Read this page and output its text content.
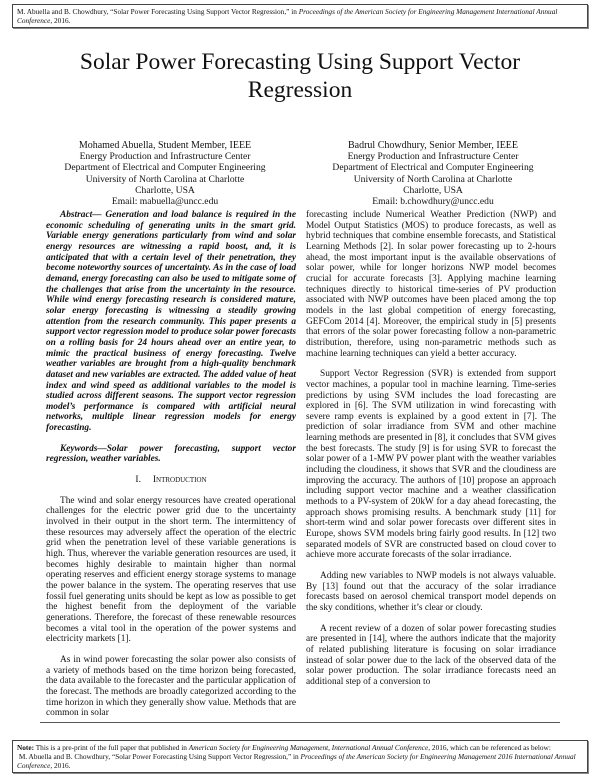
M. Abuella and B. Chowdhury, “Solar Power Forecasting Using Support Vector Regression,” in Proceedings of the American Society for Engineering Management International Annual Conference, 2016.
Solar Power Forecasting Using Support Vector Regression
Mohamed Abuella, Student Member, IEEE
Energy Production and Infrastructure Center
Department of Electrical and Computer Engineering
University of North Carolina at Charlotte
Charlotte, USA
Email: mabuella@uncc.edu
Badrul Chowdhury, Senior Member, IEEE
Energy Production and Infrastructure Center
Department of Electrical and Computer Engineering
University of North Carolina at Charlotte
Charlotte, USA
Email: b.chowdhury@uncc.edu

Abstract— Generation and load balance is required in the economic scheduling of generating units in the smart grid. Variable energy generations particularly from wind and solar energy resources are witnessing a rapid boost, and, it is anticipated that with a certain level of their penetration, they become noteworthy sources of uncertainty. As in the case of load demand, energy forecasting can also be used to mitigate some of the challenges that arise from the uncertainty in the resource. While wind energy forecasting research is considered mature, solar energy forecasting is witnessing a steadily growing attention from the research community. This paper presents a support vector regression model to produce solar power forecasts on a rolling basis for 24 hours ahead over an entire year, to mimic the practical business of energy forecasting. Twelve weather variables are brought from a high-quality benchmark dataset and new variables are extracted. The added value of heat index and wind speed as additional variables to the model is studied across different seasons. The support vector regression model’s performance is compared with artificial neural networks, multiple linear regression models for energy forecasting.

Keywords—Solar power forecasting, support vector regression, weather variables.

I. Introduction

The wind and solar energy resources have created operational challenges for the electric power grid due to the uncertainty involved in their output in the short term. The intermittency of these resources may adversely affect the operation of the electric grid when the penetration level of these variable generations is high. Thus, wherever the variable generation resources are used, it becomes highly desirable to maintain higher than normal operating reserves and efficient energy storage systems to manage the power balance in the system. The operating reserves that use fossil fuel generating units should be kept as low as possible to get the highest benefit from the deployment of the variable generations. Therefore, the forecast of these renewable resources becomes a vital tool in the operation of the power systems and electricity markets [1].

As in wind power forecasting the solar power also consists of a variety of methods based on the time horizon being forecasted, the data available to the forecaster and the particular application of the forecast. The methods are broadly categorized according to the time horizon in which they generally show value. Methods that are common in solar

forecasting include Numerical Weather Prediction (NWP) and Model Output Statistics (MOS) to produce forecasts, as well as hybrid techniques that combine ensemble forecasts, and Statistical Learning Methods [2]. In solar power forecasting up to 2-hours ahead, the most important input is the available observations of solar power, while for longer horizons NWP model becomes crucial for accurate forecasts [3]. Applying machine learning techniques directly to historical time-series of PV production associated with NWP outcomes have been placed among the top models in the last global competition of energy forecasting, GEFCom 2014 [4]. Moreover, the empirical study in [5] presents that errors of the solar power forecasting follow a non-parametric distribution, therefore, using non-parametric methods such as machine learning techniques can yield a better accuracy.

Support Vector Regression (SVR) is extended from support vector machines, a popular tool in machine learning. Time-series predictions by using SVM includes the load forecasting are explored in [6]. The SVM utilization in wind forecasting with severe ramp events is explained by a good extent in [7]. The prediction of solar irradiance from SVM and other machine learning methods are presented in [8], it concludes that SVM gives the best forecasts. The study [9] is for using SVR to forecast the solar power of a 1-MW PV power plant with the weather variables including the cloudiness, it shows that SVR and the cloudiness are improving the accuracy. The authors of [10] propose an approach including support vector machine and a weather classification methods to a PV-system of 20kW for a day ahead forecasting, the approach shows promising results. A benchmark study [11] for short-term wind and solar power forecasts over different sites in Europe, shows SVM models bring fairly good results. In [12] two separated models of SVR are constructed based on cloud cover to achieve more accurate forecasts of the solar irradiance.

Adding new variables to NWP models is not always valuable. By [13] found out that the accuracy of the solar irradiance forecasts based on aerosol chemical transport model depends on the sky conditions, whether it’s clear or cloudy.

A recent review of a dozen of solar power forecasting studies are presented in [14], where the authors indicate that the majority of related publishing literature is focusing on solar irradiance instead of solar power due to the lack of the observed data of the solar power production. The solar irradiance forecasts need an additional step of a conversion to

Note: This is a pre-print of the full paper that published in American Society for Engineering Management, International Annual Conference, 2016, which can be referenced as below:
M. Abuella and B. Chowdhury, “Solar Power Forecasting Using Support Vector Regression,” in Proceedings of the American Society for Engineering Management 2016 International Annual Conference, 2016.
